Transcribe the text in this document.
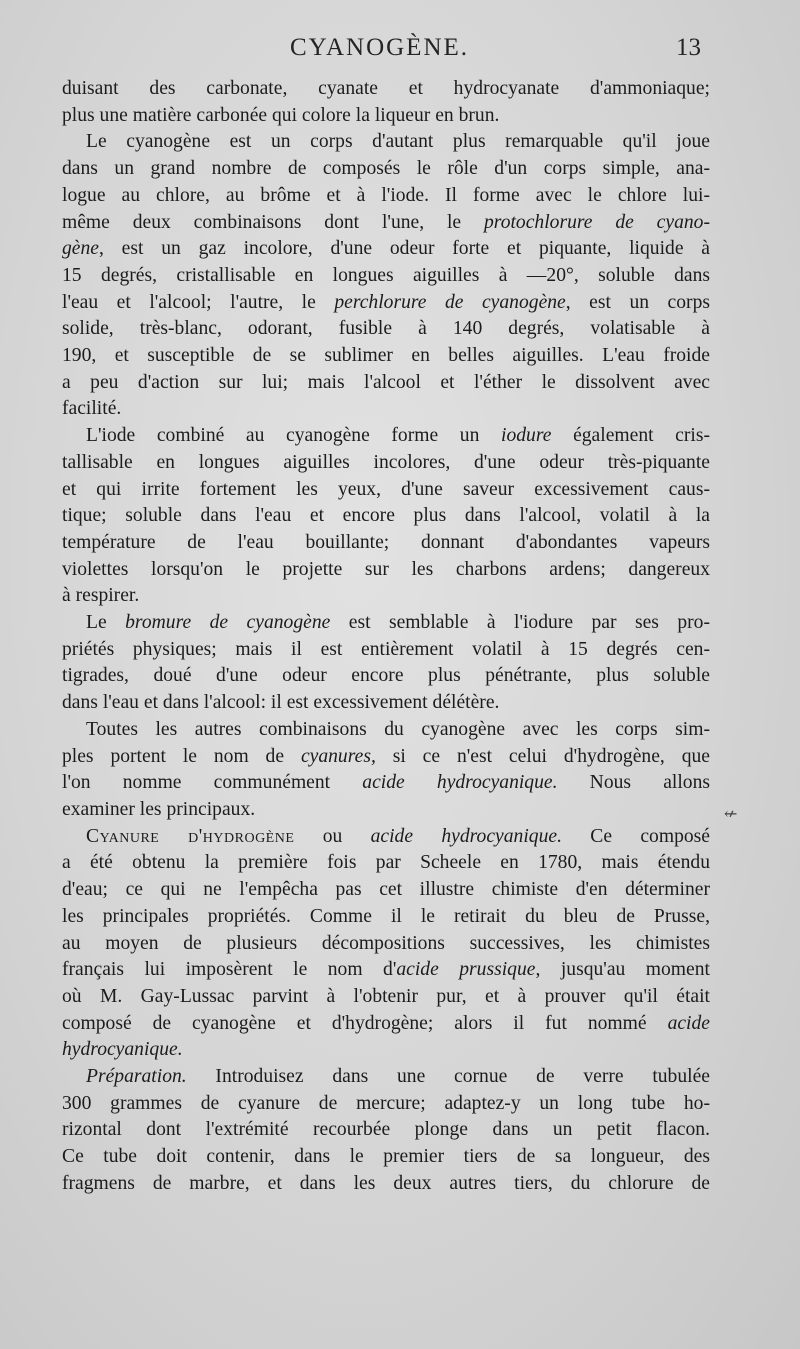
CYANOGÈNE.	13

duisant des carbonate, cyanate et hydrocyanate d'ammoniaque;
plus une matière carbonée qui colore la liqueur en brun.

Le cyanogène est un corps d'autant plus remarquable qu'il joue
dans un grand nombre de composés le rôle d'un corps simple, ana-
logue au chlore, au brôme et à l'iode. Il forme avec le chlore lui-
même deux combinaisons dont l'une, le protochlorure de cyano-
gène, est un gaz incolore, d'une odeur forte et piquante, liquide à
15 degrés, cristallisable en longues aiguilles à —20°, soluble dans
l'eau et l'alcool; l'autre, le perchlorure de cyanogène, est un corps
solide, très-blanc, odorant, fusible à 140 degrés, volatisable à
190, et susceptible de se sublimer en belles aiguilles. L'eau froide
a peu d'action sur lui; mais l'alcool et l'éther le dissolvent avec
facilité.

L'iode combiné au cyanogène forme un iodure également cris-
tallisable en longues aiguilles incolores, d'une odeur très-piquante
et qui irrite fortement les yeux, d'une saveur excessivement caus-
tique; soluble dans l'eau et encore plus dans l'alcool, volatil à la
température de l'eau bouillante; donnant d'abondantes vapeurs
violettes lorsqu'on le projette sur les charbons ardens; dangereux
à respirer.

Le bromure de cyanogène est semblable à l'iodure par ses pro-
priétés physiques; mais il est entièrement volatil à 15 degrés cen-
tigrades, doué d'une odeur encore plus pénétrante, plus soluble
dans l'eau et dans l'alcool: il est excessivement délétère.

Toutes les autres combinaisons du cyanogène avec les corps sim-
ples portent le nom de cyanures, si ce n'est celui d'hydrogène, que
l'on nomme communément acide hydrocyanique. Nous allons
examiner les principaux.

Cyanure d'hydrogène ou acide hydrocyanique. Ce composé
a été obtenu la première fois par Scheele en 1780, mais étendu
d'eau; ce qui ne l'empêcha pas cet illustre chimiste d'en déterminer
les principales propriétés. Comme il le retirait du bleu de Prusse,
au moyen de plusieurs décompositions successives, les chimistes
français lui imposèrent le nom d'acide prussique, jusqu'au moment
où M. Gay-Lussac parvint à l'obtenir pur, et à prouver qu'il était
composé de cyanogène et d'hydrogène; alors il fut nommé acide
hydrocyanique.

Préparation. Introduisez dans une cornue de verre tubulée
300 grammes de cyanure de mercure; adaptez-y un long tube ho-
rizontal dont l'extrémité recourbée plonge dans un petit flacon.
Ce tube doit contenir, dans le premier tiers de sa longueur, des
fragmens de marbre, et dans les deux autres tiers, du chlorure de

↚
